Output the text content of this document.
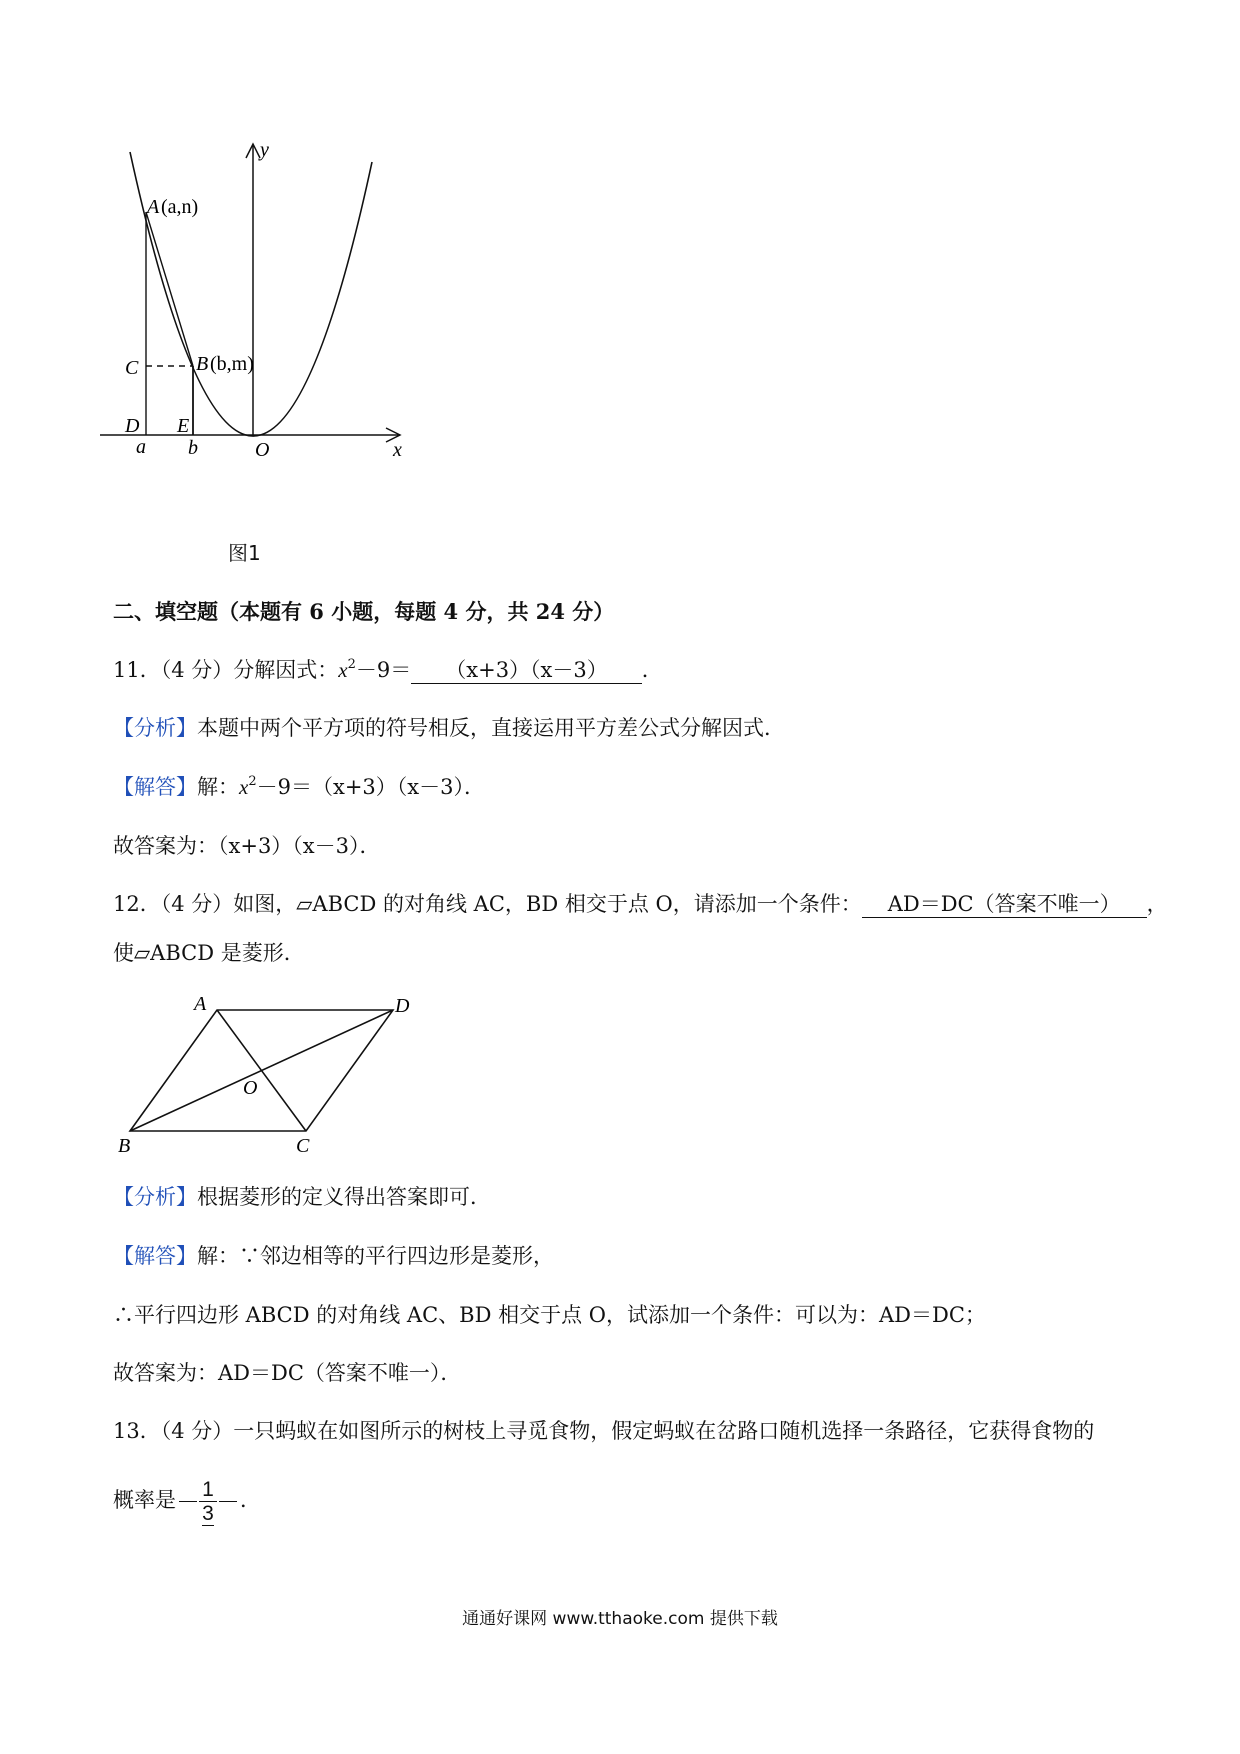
y
x
A (a,n)
B (b,m)
C
D E
a b	O
图1
二、填空题（本题有 6 小题，每题 4 分，共 24 分）
11．（4 分）分解因式：$x^2-9= (x+3)(x-3)$ ．
【分析】本题中两个平方项的符号相反，直接运用平方差公式分解因式．
【解答】解：$x^2-9=(x+3)(x-3)$．
故答案为：（x+3）（x－3）．
12．（4 分）如图，▱ABCD 的对角线 AC，BD 相交于点 O，请添加一个条件： AD＝DC（答案不唯一） ，
使▱ABCD 是菱形．
A	D
O
B	C
【分析】根据菱形的定义得出答案即可．
【解答】解：∵邻边相等的平行四边形是菱形，
∴平行四边形 ABCD 的对角线 AC、BD 相交于点 O，试添加一个条件：可以为：AD＝DC；
故答案为：AD＝DC（答案不唯一）．
13．（4 分）一只蚂蚁在如图所示的树枝上寻觅食物，假定蚂蚁在岔路口随机选择一条路径，它获得食物的
概率是 $\frac{1}{3}$ ．
通通好课网 www.tthaoke.com 提供下载
